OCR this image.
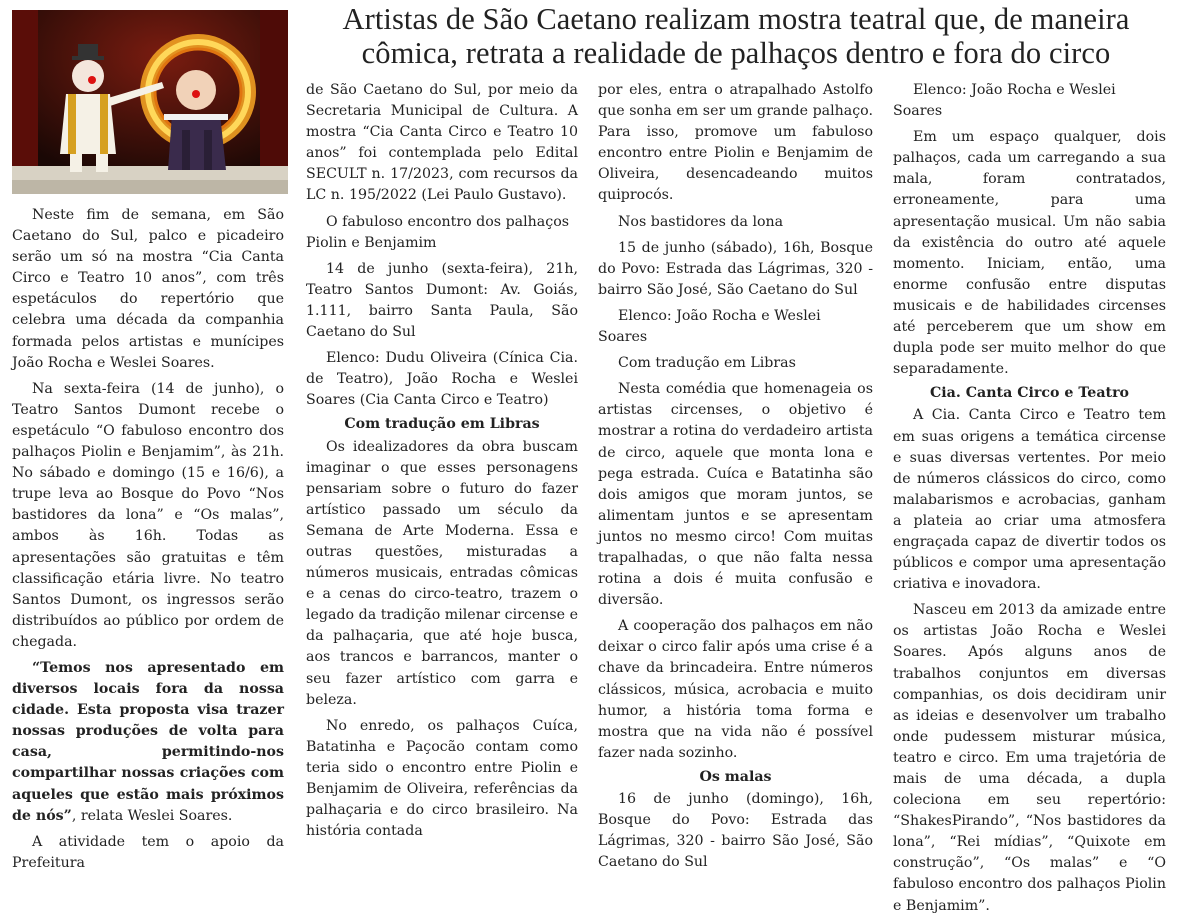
Artistas de São Caetano realizam mostra teatral que, de maneira
cômica, retrata a realidade de palhaços dentro e fora do circo

Neste fim de semana, em São Caetano do Sul, palco e picadeiro serão um só na mostra “Cia Canta Circo e Teatro 10 anos”, com três espetáculos do repertório que celebra uma década da companhia formada pelos artistas e munícipes João Rocha e Weslei Soares.

Na sexta-feira (14 de junho), o Teatro Santos Dumont recebe o espetáculo “O fabuloso encontro dos palhaços Piolin e Benjamim”, às 21h. No sábado e domingo (15 e 16/6), a trupe leva ao Bosque do Povo “Nos bastidores da lona” e “Os malas”, ambos às 16h. Todas as apresentações são gratuitas e têm classificação etária livre. No teatro Santos Dumont, os ingressos serão distribuídos ao público por ordem de chegada.

“Temos nos apresentado em diversos locais fora da nossa cidade. Esta proposta visa trazer nossas produções de volta para casa, permitindo-nos compartilhar nossas criações com aqueles que estão mais próximos de nós”, relata Weslei Soares.

A atividade tem o apoio da Prefeitura

de São Caetano do Sul, por meio da Secretaria Municipal de Cultura. A mostra “Cia Canta Circo e Teatro 10 anos” foi contemplada pelo Edital SECULT n. 17/2023, com recursos da LC n. 195/2022 (Lei Paulo Gustavo).

O fabuloso encontro dos palhaços Piolin e Benjamim

14 de junho (sexta-feira), 21h, Teatro Santos Dumont: Av. Goiás, 1.111, bairro Santa Paula, São Caetano do Sul

Elenco: Dudu Oliveira (Cínica Cia. de Teatro), João Rocha e Weslei Soares (Cia Canta Circo e Teatro)

Com tradução em Libras

Os idealizadores da obra buscam imaginar o que esses personagens pensariam sobre o futuro do fazer artístico passado um século da Semana de Arte Moderna. Essa e outras questões, misturadas a números musicais, entradas cômicas e a cenas do circo-teatro, trazem o legado da tradição milenar circense e da palhaçaria, que até hoje busca, aos trancos e barrancos, manter o seu fazer artístico com garra e beleza.

No enredo, os palhaços Cuíca, Batatinha e Paçocão contam como teria sido o encontro entre Piolin e Benjamim de Oliveira, referências da palhaçaria e do circo brasileiro. Na história contada

por eles, entra o atrapalhado Astolfo que sonha em ser um grande palhaço. Para isso, promove um fabuloso encontro entre Piolin e Benjamim de Oliveira, desencadeando muitos quiprocós.

Nos bastidores da lona

15 de junho (sábado), 16h, Bosque do Povo: Estrada das Lágrimas, 320 - bairro São José, São Caetano do Sul

Elenco: João Rocha e Weslei Soares

Com tradução em Libras

Nesta comédia que homenageia os artistas circenses, o objetivo é mostrar a rotina do verdadeiro artista de circo, aquele que monta lona e pega estrada. Cuíca e Batatinha são dois amigos que moram juntos, se alimentam juntos e se apresentam juntos no mesmo circo! Com muitas trapalhadas, o que não falta nessa rotina a dois é muita confusão e diversão.

A cooperação dos palhaços em não deixar o circo falir após uma crise é a chave da brincadeira. Entre números clássicos, música, acrobacia e muito humor, a história toma forma e mostra que na vida não é possível fazer nada sozinho.

Os malas

16 de junho (domingo), 16h, Bosque do Povo: Estrada das Lágrimas, 320 - bairro São José, São Caetano do Sul

Elenco: João Rocha e Weslei Soares

Em um espaço qualquer, dois palhaços, cada um carregando a sua mala, foram contratados, erroneamente, para uma apresentação musical. Um não sabia da existência do outro até aquele momento. Iniciam, então, uma enorme confusão entre disputas musicais e de habilidades circenses até perceberem que um show em dupla pode ser muito melhor do que separadamente.

Cia. Canta Circo e Teatro

A Cia. Canta Circo e Teatro tem em suas origens a temática circense e suas diversas vertentes. Por meio de números clássicos do circo, como malabarismos e acrobacias, ganham a plateia ao criar uma atmosfera engraçada capaz de divertir todos os públicos e compor uma apresentação criativa e inovadora.

Nasceu em 2013 da amizade entre os artistas João Rocha e Weslei Soares. Após alguns anos de trabalhos conjuntos em diversas companhias, os dois decidiram unir as ideias e desenvolver um trabalho onde pudessem misturar música, teatro e circo. Em uma trajetória de mais de uma década, a dupla coleciona em seu repertório: “ShakesPirando”, “Nos bastidores da lona”, “Rei mídias”, “Quixote em construção”, “Os malas” e “O fabuloso encontro dos palhaços Piolin e Benjamim”.
